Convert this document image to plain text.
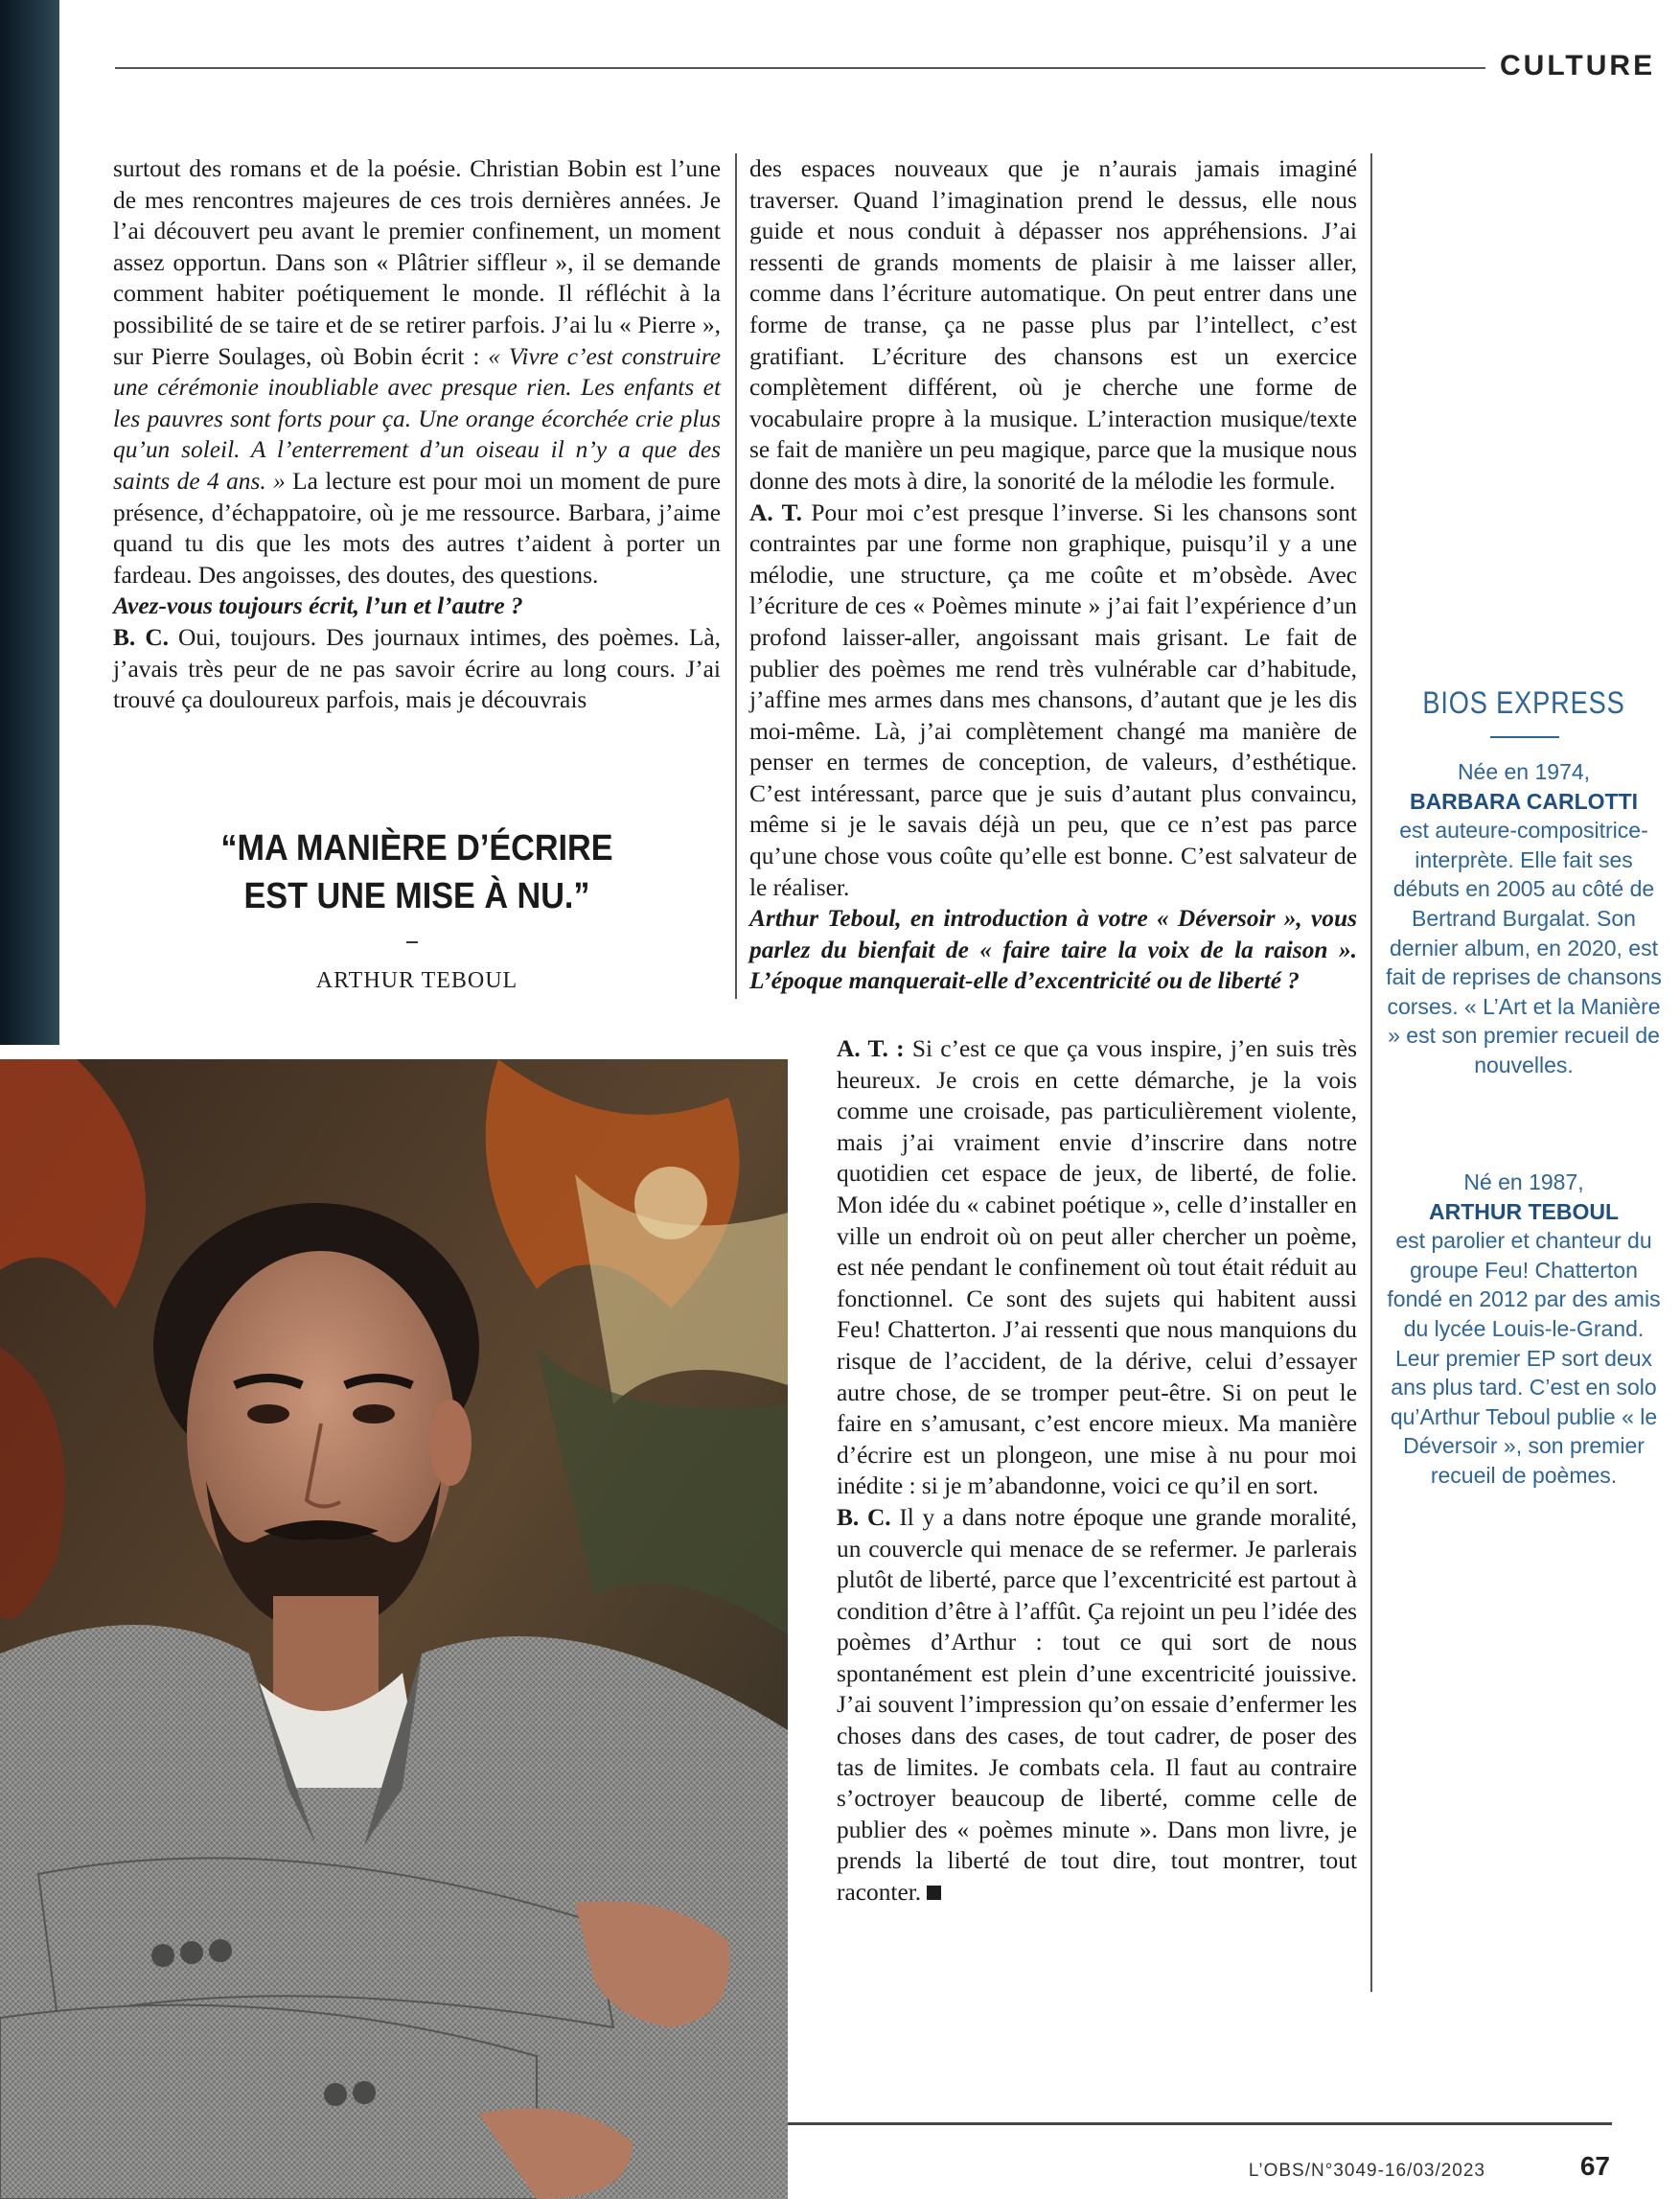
CULTURE

surtout des romans et de la poésie. Christian Bobin est l’une de mes rencontres majeures de ces trois dernières années. Je l’ai découvert peu avant le premier confinement, un moment assez opportun. Dans son « Plâtrier siffleur », il se demande comment habiter poétiquement le monde. Il réfléchit à la possibilité de se taire et de se retirer parfois. J’ai lu « Pierre », sur Pierre Soulages, où Bobin écrit : « Vivre c’est construire une cérémonie inoubliable avec presque rien. Les enfants et les pauvres sont forts pour ça. Une orange écorchée crie plus qu’un soleil. A l’enterrement d’un oiseau il n’y a que des saints de 4 ans. » La lecture est pour moi un moment de pure présence, d’échappatoire, où je me ressource. Barbara, j’aime quand tu dis que les mots des autres t’aident à porter un fardeau. Des angoisses, des doutes, des questions.

Avez-vous toujours écrit, l’un et l’autre ?

B. C. Oui, toujours. Des journaux intimes, des poèmes. Là, j’avais très peur de ne pas savoir écrire au long cours. J’ai trouvé ça douloureux parfois, mais je découvrais

“MA MANIÈRE D’ÉCRIRE EST UNE MISE À NU.”
ARTHUR TEBOUL

des espaces nouveaux que je n’aurais jamais imaginé traverser. Quand l’imagination prend le dessus, elle nous guide et nous conduit à dépasser nos appréhensions. J’ai ressenti de grands moments de plaisir à me laisser aller, comme dans l’écriture automatique. On peut entrer dans une forme de transe, ça ne passe plus par l’intellect, c’est gratifiant. L’écriture des chansons est un exercice complètement différent, où je cherche une forme de vocabulaire propre à la musique. L’interaction musique/texte se fait de manière un peu magique, parce que la musique nous donne des mots à dire, la sonorité de la mélodie les formule.

A. T. Pour moi c’est presque l’inverse. Si les chansons sont contraintes par une forme non graphique, puisqu’il y a une mélodie, une structure, ça me coûte et m’obsède. Avec l’écriture de ces « Poèmes minute » j’ai fait l’expérience d’un profond laisser-aller, angoissant mais grisant. Le fait de publier des poèmes me rend très vulnérable car d’habitude, j’affine mes armes dans mes chansons, d’autant que je les dis moi-même. Là, j’ai complètement changé ma manière de penser en termes de conception, de valeurs, d’esthétique. C’est intéressant, parce que je suis d’autant plus convaincu, même si je le savais déjà un peu, que ce n’est pas parce qu’une chose vous coûte qu’elle est bonne. C’est salvateur de le réaliser.

Arthur Teboul, en introduction à votre « Déversoir », vous parlez du bienfait de « faire taire la voix de la raison ». L’époque manquerait-elle d’excentricité ou de liberté ?

A. T. : Si c’est ce que ça vous inspire, j’en suis très heureux. Je crois en cette démarche, je la vois comme une croisade, pas particulièrement violente, mais j’ai vraiment envie d’inscrire dans notre quotidien cet espace de jeux, de liberté, de folie. Mon idée du « cabinet poétique », celle d’installer en ville un endroit où on peut aller chercher un poème, est née pendant le confinement où tout était réduit au fonctionnel. Ce sont des sujets qui habitent aussi Feu! Chatterton. J’ai ressenti que nous manquions du risque de l’accident, de la dérive, celui d’essayer autre chose, de se tromper peut-être. Si on peut le faire en s’amusant, c’est encore mieux. Ma manière d’écrire est un plongeon, une mise à nu pour moi inédite : si je m’abandonne, voici ce qu’il en sort.

B. C. Il y a dans notre époque une grande moralité, un couvercle qui menace de se refermer. Je parlerais plutôt de liberté, parce que l’excentricité est partout à condition d’être à l’affût. Ça rejoint un peu l’idée des poèmes d’Arthur : tout ce qui sort de nous spontanément est plein d’une excentricité jouissive. J’ai souvent l’impression qu’on essaie d’enfermer les choses dans des cases, de tout cadrer, de poser des tas de limites. Je combats cela. Il faut au contraire s’octroyer beaucoup de liberté, comme celle de publier des « poèmes minute ». Dans mon livre, je prends la liberté de tout dire, tout montrer, tout raconter.

BIOS EXPRESS
Née en 1974,
BARBARA CARLOTTI
est auteure-compositrice-interprète. Elle fait ses débuts en 2005 au côté de Bertrand Burgalat. Son dernier album, en 2020, est fait de reprises de chansons corses. « L’Art et la Manière » est son premier recueil de nouvelles.
Né en 1987,
ARTHUR TEBOUL
est parolier et chanteur du groupe Feu! Chatterton fondé en 2012 par des amis du lycée Louis-le-Grand. Leur premier EP sort deux ans plus tard. C’est en solo qu’Arthur Teboul publie « le Déversoir », son premier recueil de poèmes.
L’OBS/N°3049-16/03/2023	67
